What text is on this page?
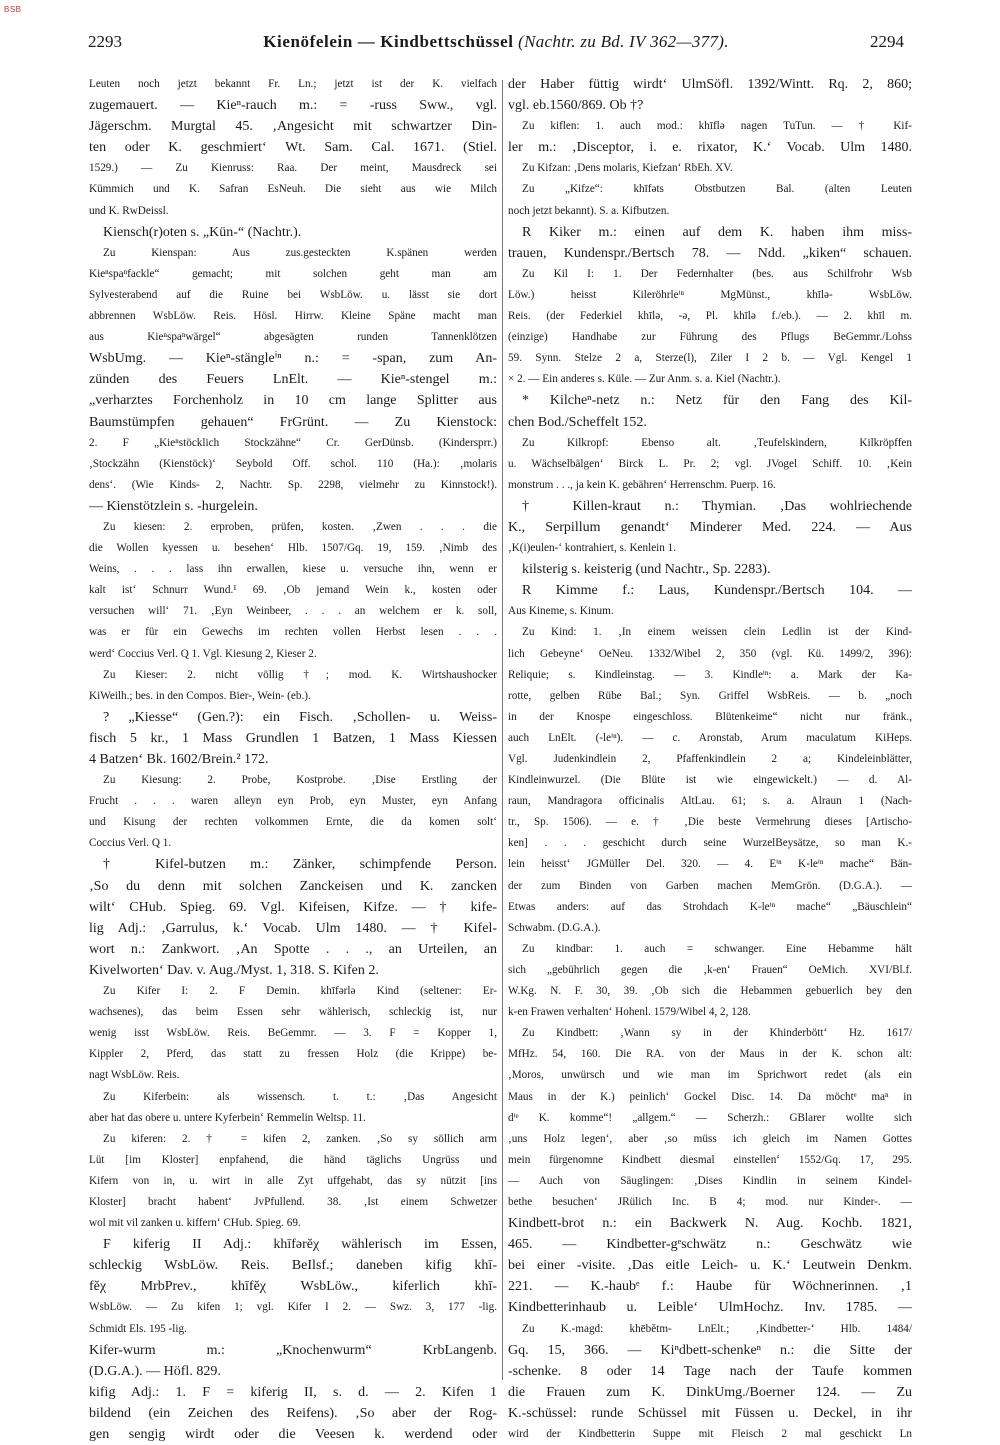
BSB
2293	Kienöfelein — Kindbettschüssel (Nachtr. zu Bd. IV 362—377).	2294
Leuten noch jetzt bekannt Fr. Ln.; jetzt ist der K. vielfach
zugemauert. — Kieⁿ-rauch m.: = -russ Sww., vgl.
Jägerschm. Murgtal 45. ‚Angesicht mit schwartzer Din-
ten oder K. geschmiert‘ Wt. Sam. Cal. 1671. (Stiel.
1529.) — Zu Kienruss: Raa. Der meint, Mausdreck sei
Kümmich und K. Safran EsNeuh. Die sieht aus wie Milch
und K. RwDeissl.
Kiensch(r)oten s. „Kün-“ (Nachtr.).
Zu Kienspan: Aus zus.gesteckten K.spänen werden
Kieⁿspaⁿfackle“ gemacht; mit solchen geht man am
Sylvesterabend auf die Ruine bei WsbLöw. u. lässt sie dort
abbrennen WsbLöw. Reis. Hösl. Hirrw. Kleine Späne macht man
aus Kieⁿspaⁿwärgel“ abgesägten runden Tannenklötzen
WsbUmg. — Kieⁿ-stängleⁱⁿ n.: = -span, zum An-
zünden des Feuers LnElt. — Kieⁿ-stengel m.:
„verharztes Forchenholz in 10 cm lange Splitter aus
Baumstümpfen gehauen“ FrGrünt. — Zu Kienstock:
2. F „Kieⁿstöcklich Stockzähne“ Cr. GerDünsb. (Kindersprr.)
‚Stockzähn (Kienstöck)‘ Seybold Off. schol. 110 (Ha.): ‚molaris
dens‘. (Wie Kinds- 2, Nachtr. Sp. 2298, vielmehr zu Kinnstock!).
— Kienstötzlein s. -hurgelein.
Zu kiesen: 2. erproben, prüfen, kosten. ‚Zwen . . . die
die Wollen kyessen u. besehen‘ Hlb. 1507/Gq. 19, 159. ‚Nimb des
Weins, . . . lass ihn erwallen, kiese u. versuche ihn, wenn er
kalt ist‘ Schnurr Wund.¹ 69. ‚Ob jemand Wein k., kosten oder
versuchen will‘ 71. ‚Eyn Weinbeer, . . . an welchem er k. soll,
was er für ein Gewechs im rechten vollen Herbst lesen . . .
werd‘ Coccius Verl. Q 1. Vgl. Kiesung 2, Kieser 2.
Zu Kieser: 2. nicht völlig †; mod. K. Wirtshaushocker
KiWeilh.; bes. in den Compos. Bier-, Wein- (eb.).
? „Kiesse“ (Gen.?): ein Fisch. ‚Schollen- u. Weiss-
fisch 5 kr., 1 Mass Grundlen 1 Batzen, 1 Mass Kiessen
4 Batzen‘ Bk. 1602/Brein.² 172.
Zu Kiesung: 2. Probe, Kostprobe. ‚Dise Erstling der
Frucht . . . waren alleyn eyn Prob, eyn Muster, eyn Anfang
und Kisung der rechten volkommen Ernte, die da komen solt‘
Coccius Verl. Q 1.
† Kifel-butzen m.: Zänker, schimpfende Person.
‚So du denn mit solchen Zanckeisen und K. zancken
wilt‘ CHub. Spieg. 69. Vgl. Kifeisen, Kifze. — † kife-
lig Adj.: ‚Garrulus, k.‘ Vocab. Ulm 1480. — † Kifel-
wort n.: Zankwort. ‚An Spotte . . ., an Urteilen, an
Kivelworten‘ Dav. v. Aug./Myst. 1, 318. S. Kifen 2.
Zu Kifer I: 2. F Demin. khīfərlə Kind (seltener: Er-
wachsenes), das beim Essen sehr wählerisch, schleckig ist, nur
wenig isst WsbLöw. Reis. BeGemmr. — 3. F = Kopper 1,
Kippler 2, Pferd, das statt zu fressen Holz (die Krippe) be-
nagt WsbLöw. Reis.
Zu Kiferbein: als wissensch. t. t.: ‚Das Angesicht
aber hat das obere u. untere Kyferbein‘ Remmelin Weltsp. 11.
Zu kiferen: 2. † = kifen 2, zanken. ‚So sy söllich arm
Lüt [im Kloster] enpfahend, die händ täglichs Ungrüss und
Kifern von in, u. wirt in alle Zyt uffgehabt, das sy nützit [ins
Kloster] bracht habent‘ JvPfullend. 38. ‚Ist einem Schwetzer
wol mit vil zanken u. kiffern‘ CHub. Spieg. 69.
F kiferig II Adj.: khīfərĕχ wählerisch im Essen,
schleckig WsbLöw. Reis. BeIlsf.; daneben kifig khī-
fĕχ MrbPrev., khīfĕχ WsbLöw., kiferlich khī-
WsbLöw. — Zu kifen 1; vgl. Kifer I 2. — Swz. 3, 177 -lig.
Schmidt Els. 195 -lig.
Kifer-wurm m.: „Knochenwurm“ KrbLangenb.
(D.G.A.). — Höfl. 829.
kifig Adj.: 1. F = kiferig II, s. d. — 2. Kifen 1
bildend (ein Zeichen des Reifens). ‚So aber der Rog-
gen sengig wirdt oder die Veesen k. werdend oder
der Haber füttig wirdt‘ UlmSöfl. 1392/Wintt. Rq. 2, 860;
vgl. eb.1560/869. Ob †?
Zu kiflen: 1. auch mod.: khīflə nagen TuTun. — † Kif-
ler m.: ‚Disceptor, i. e. rixator, K.‘ Vocab. Ulm 1480.
Zu Kifzan: ‚Dens molaris, Kiefzan‘ RbEh. XV.
Zu „Kifze“: khīfəts Obstbutzen Bal. (alten Leuten
noch jetzt bekannt). S. a. Kifbutzen.
R Kiker m.: einen auf dem K. haben ihm miss-
trauen, Kundenspr./Bertsch 78. — Ndd. „kiken“ schauen.
Zu Kil I: 1. Der Federnhalter (bes. aus Schilfrohr Wsb
Löw.) heisst Kileröhrleⁱⁿ MgMünst., khīlə- WsbLöw.
Reis. (der Federkiel khīlə, -ə, Pl. khīlə f./eb.). — 2. khīl m.
(einzige) Handhabe zur Führung des Pflugs BeGemmr./Lohss
59. Synn. Stelze 2 a, Sterze(l), Ziler I 2 b. — Vgl. Kengel 1
× 2. — Ein anderes s. Küle. — Zur Anm. s. a. Kiel (Nachtr.).
* Kilcheⁿ-netz n.: Netz für den Fang des Kil-
chen Bod./Scheffelt 152.
Zu Kilkropf: Ebenso alt. ‚Teufelskindern, Kilkröpffen
u. Wächselbälgen‘ Birck L. Pr. 2; vgl. JVogel Schiff. 10. ‚Kein
monstrum . . ., ja kein K. gebähren‘ Herrenschm. Puerp. 16.
† Killen-kraut n.: Thymian. ‚Das wohlriechende
K., Serpillum genandt‘ Minderer Med. 224. — Aus
‚K(i)eulen-‘ kontrahiert, s. Kenlein 1.
kilsterig s. keisterig (und Nachtr., Sp. 2283).
R Kimme f.: Laus, Kundenspr./Bertsch 104. —
Aus Kineme, s. Kinum.
Zu Kind: 1. ‚In einem weissen clein Ledlin ist der Kind-
lich Gebeyne‘ OeNeu. 1332/Wibel 2, 350 (vgl. Kü. 1499/2, 396):
Reliquie; s. Kindleinstag. — 3. Kindleⁱⁿ: a. Mark der Ka-
rotte, gelben Rübe Bal.; Syn. Griffel WsbReis. — b. „noch
in der Knospe eingeschloss. Blütenkeime“ nicht nur fränk.,
auch LnElt. (-leⁱⁿ). — c. Aronstab, Arum maculatum KiHeps.
Vgl. Judenkindlein 2, Pfaffenkindlein 2 a; Kindeleinblätter,
Kindleinwurzel. (Die Blüte ist wie eingewickelt.) — d. Al-
raun, Mandragora officinalis AltLau. 61; s. a. Alraun 1 (Nach-
tr., Sp. 1506). — e. † ‚Die beste Vermehrung dieses [Artischo-
ken] . . . geschicht durch seine WurzelBeysätze, so man K.-
lein heisst‘ JGMüller Del. 320. — 4. Eⁱⁿ K-leⁱⁿ mache“ Bän-
der zum Binden von Garben machen MemGrön. (D.G.A.). —
Etwas anders: auf das Strohdach K-leⁱⁿ mache“ „Bäuschlein“
Schwabm. (D.G.A.).
Zu kindbar: 1. auch = schwanger. Eine Hebamme hält
sich „gebührlich gegen die ‚k-en‘ Frauen“ OeMich. XVI/Bl.f.
W.Kg. N. F. 30, 39. ‚Ob sich die Hebammen gebuerlich bey den
k-en Frawen verhalten‘ Hohenl. 1579/Wibel 4, 2, 128.
Zu Kindbett: ‚Wann sy in der Khinderbött‘ Hz. 1617/
MfHz. 54, 160. Die RA. von der Maus in der K. schon alt:
‚Moros, unwürsch und wie man im Sprichwort redet (als ein
Maus in der K.) peinlich‘ Gockel Disc. 14. Da möchtᵉ maⁿ in
dⁱᵉ K. komme“! „allgem.“ — Scherzh.: GBlarer wollte sich
‚uns Holz legen‘, aber ‚so müss ich gleich im Namen Gottes
mein fürgenomne Kindbett diesmal einstellen‘ 1552/Gq. 17, 295.
— Auch von Säuglingen: ‚Dises Kindlin in seinem Kindel-
bethe besuchen‘ JRülich Inc. B 4; mod. nur Kinder-. —
Kindbett-brot n.: ein Backwerk N. Aug. Kochb. 1821,
465. — Kindbetter-gᵉschwätz n.: Geschwätz wie
bei einer -visite. ‚Das eitle Leich- u. K.‘ Leutwein Denkm.
221. — K.-haubᵉ f.: Haube für Wöchnerinnen. ‚1
Kindbetterinhaub u. Leible‘ UlmHochz. Inv. 1785. —
Zu K.-magd: khēbĕtm- LnElt.; ‚Kindbetter-‘ Hlb. 1484/
Gq. 15, 366. — Kiⁿdbett-schenkeⁿ n.: die Sitte der
-schenke. 8 oder 14 Tage nach der Taufe kommen
die Frauen zum K. DinkUmg./Boerner 124. — Zu
K.-schüssel: runde Schüssel mit Füssen u. Deckel, in ihr
wird der Kindbetterin Suppe mit Fleisch 2 mal geschickt Ln
